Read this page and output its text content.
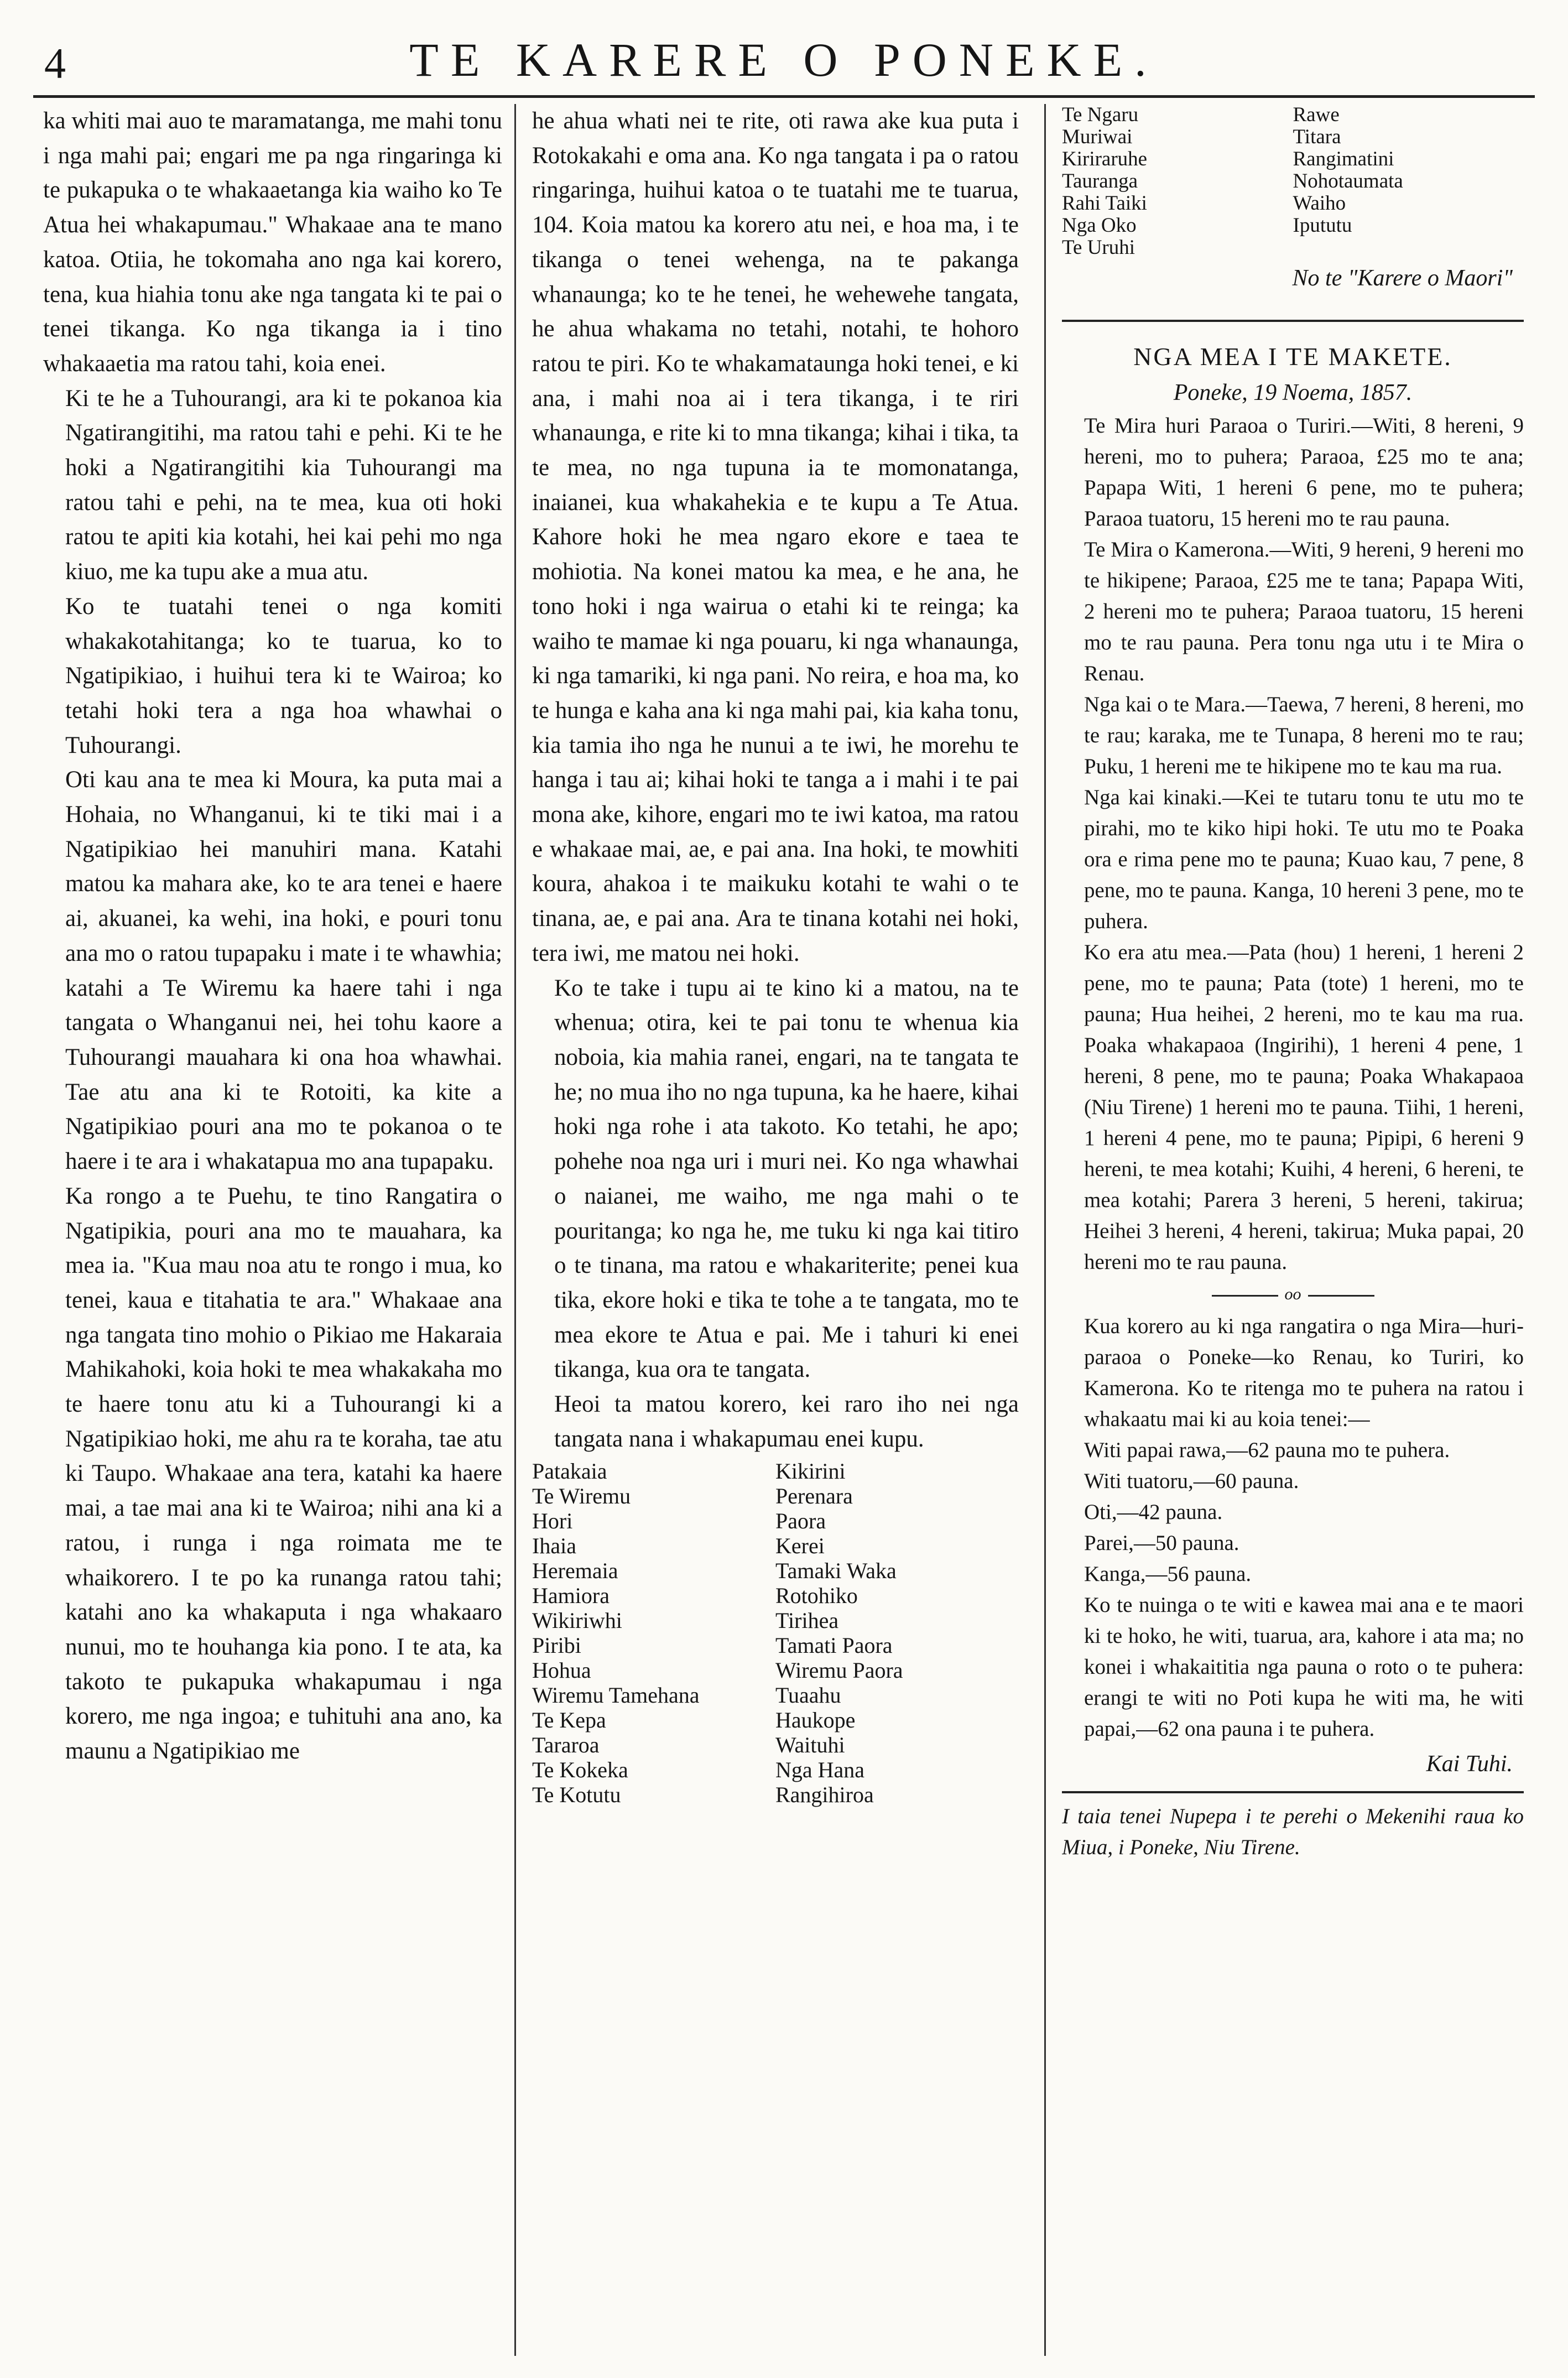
4	TE KARERE O PONEKE.

ka whiti mai auo te maramatanga, me mahi tonu i nga mahi pai; engari me pa nga ringaringa ki te pukapuka o te whakaaetanga kia waiho ko Te Atua hei whakapumau." Whakaae ana te mano katoa. Otiia, he tokomaha ano nga kai korero, tena, kua hiahia tonu ake nga tangata ki te pai o tenei tikanga. Ko nga tikanga ia i tino whakaaetia ma ratou tahi, koia enei.

Ki te he a Tuhourangi, ara ki te pokanoa kia Ngatirangitihi, ma ratou tahi e pehi. Ki te he hoki a Ngatirangitihi kia Tuhourangi ma ratou tahi e pehi, na te mea, kua oti hoki ratou te apiti kia kotahi, hei kai pehi mo nga kiuo, me ka tupu ake a mua atu.

Ko te tuatahi tenei o nga komiti whakakotahitanga; ko te tuarua, ko to Ngatipikiao, i huihui tera ki te Wairoa; ko tetahi hoki tera a nga hoa whawhai o Tuhourangi.

Oti kau ana te mea ki Moura, ka puta mai a Hohaia, no Whanganui, ki te tiki mai i a Ngatipikiao hei manuhiri mana. Katahi matou ka mahara ake, ko te ara tenei e haere ai, akuanei, ka wehi, ina hoki, e pouri tonu ana mo o ratou tupapaku i mate i te whawhia; katahi a Te Wiremu ka haere tahi i nga tangata o Whanganui nei, hei tohu kaore a Tuhourangi mauahara ki ona hoa whawhai. Tae atu ana ki te Rotoiti, ka kite a Ngatipikiao pouri ana mo te pokanoa o te haere i te ara i whakatapua mo ana tupapaku.

Ka rongo a te Puehu, te tino Rangatira o Ngatipikia, pouri ana mo te mauahara, ka mea ia. "Kua mau noa atu te rongo i mua, ko tenei, kaua e titahatia te ara." Whakaae ana nga tangata tino mohio o Pikiao me Hakaraia Mahikahoki, koia hoki te mea whakakaha mo te haere tonu atu ki a Tuhourangi ki a Ngatipikiao hoki, me ahu ra te koraha, tae atu ki Taupo. Whakaae ana tera, katahi ka haere mai, a tae mai ana ki te Wairoa; nihi ana ki a ratou, i runga i nga roimata me te whaikorero. I te po ka runanga ratou tahi; katahi ano ka whakaputa i nga whakaaro nunui, mo te houhanga kia pono. I te ata, ka takoto te pukapuka whakapumau i nga korero, me nga ingoa; e tuhituhi ana ano, ka maunu a Ngatipikiao me

he ahua whati nei te rite, oti rawa ake kua puta i Rotokakahi e oma ana. Ko nga tangata i pa o ratou ringaringa, huihui katoa o te tuatahi me te tuarua, 104. Koia matou ka korero atu nei, e hoa ma, i te tikanga o tenei wehenga, na te pakanga whanaunga; ko te he tenei, he wehewehe tangata, he ahua whakama no tetahi, notahi, te hohoro ratou te piri. Ko te whakamataunga hoki tenei, e ki ana, i mahi noa ai i tera tikanga, i te riri whanaunga, e rite ki to mna tikanga; kihai i tika, ta te mea, no nga tupuna ia te momonatanga, inaianei, kua whakahekia e te kupu a Te Atua. Kahore hoki he mea ngaro ekore e taea te mohiotia. Na konei matou ka mea, e he ana, he tono hoki i nga wairua o etahi ki te reinga; ka waiho te mamae ki nga pouaru, ki nga whanaunga, ki nga tamariki, ki nga pani. No reira, e hoa ma, ko te hunga e kaha ana ki nga mahi pai, kia kaha tonu, kia tamia iho nga he nunui a te iwi, he morehu te hanga i tau ai; kihai hoki te tanga a i mahi i te pai mona ake, kihore, engari mo te iwi katoa, ma ratou e whakaae mai, ae, e pai ana. Ina hoki, te mowhiti koura, ahakoa i te maikuku kotahi te wahi o te tinana, ae, e pai ana. Ara te tinana kotahi nei hoki, tera iwi, me matou nei hoki.

Ko te take i tupu ai te kino ki a matou, na te whenua; otira, kei te pai tonu te whenua kia noboia, kia mahia ranei, engari, na te tangata te he; no mua iho no nga tupuna, ka he haere, kihai hoki nga rohe i ata takoto. Ko tetahi, he apo; pohehe noa nga uri i muri nei. Ko nga whawhai o naianei, me waiho, me nga mahi o te pouritanga; ko nga he, me tuku ki nga kai titiro o te tinana, ma ratou e whakariterite; penei kua tika, ekore hoki e tika te tohe a te tangata, mo te mea ekore te Atua e pai. Me i tahuri ki enei tikanga, kua ora te tangata.

Heoi ta matou korero, kei raro iho nei nga tangata nana i whakapumau enei kupu.

Patakaia
Te Wiremu
Hori
Ihaia
Heremaia
Hamiora
Wikiriwhi
Piribi
Hohua
Wiremu Tamehana
Te Kepa
Tararoa
Te Kokeka
Te Kotutu
Kikirini
Perenara
Paora
Kerei
Tamaki Waka
Rotohiko
Tirihea
Tamati Paora
Wiremu Paora
Tuaahu
Haukope
Waituhi
Nga Hana
Rangihiroa
Te Ngaru
Muriwai
Kiriraruhe
Tauranga
Rahi Taiki
Nga Oko
Te Uruhi
Rawe
Titara
Rangimatini
Nohotaumata
Waiho
Ipututu
No te "Karere o Maori"
NGA MEA I TE MAKETE.
Poneke, 19 Noema, 1857.

Te Mira huri Paraoa o Turiri.—Witi, 8 hereni, 9 hereni, mo to puhera; Paraoa, £25 mo te ana; Papapa Witi, 1 hereni 6 pene, mo te puhera; Paraoa tuatoru, 15 hereni mo te rau pauna.

Te Mira o Kamerona.—Witi, 9 hereni, 9 hereni mo te hikipene; Paraoa, £25 me te tana; Papapa Witi, 2 hereni mo te puhera; Paraoa tuatoru, 15 hereni mo te rau pauna. Pera tonu nga utu i te Mira o Renau.

Nga kai o te Mara.—Taewa, 7 hereni, 8 hereni, mo te rau; karaka, me te Tunapa, 8 hereni mo te rau; Puku, 1 hereni me te hikipene mo te kau ma rua.

Nga kai kinaki.—Kei te tutaru tonu te utu mo te pirahi, mo te kiko hipi hoki. Te utu mo te Poaka ora e rima pene mo te pauna; Kuao kau, 7 pene, 8 pene, mo te pauna. Kanga, 10 hereni 3 pene, mo te puhera.

Ko era atu mea.—Pata (hou) 1 hereni, 1 hereni 2 pene, mo te pauna; Pata (tote) 1 hereni, mo te pauna; Hua heihei, 2 hereni, mo te kau ma rua. Poaka whakapaoa (Ingirihi), 1 hereni 4 pene, 1 hereni, 8 pene, mo te pauna; Poaka Whakapaoa (Niu Tirene) 1 hereni mo te pauna. Tiihi, 1 hereni, 1 hereni 4 pene, mo te pauna; Pipipi, 6 hereni 9 hereni, te mea kotahi; Kuihi, 4 hereni, 6 hereni, te mea kotahi; Parera 3 hereni, 5 hereni, takirua; Heihei 3 hereni, 4 hereni, takirua; Muka papai, 20 hereni mo te rau pauna.

oo

Kua korero au ki nga rangatira o nga Mira—huri-paraoa o Poneke—ko Renau, ko Turiri, ko Kamerona. Ko te ritenga mo te puhera na ratou i whakaatu mai ki au koia tenei:—

Witi papai rawa,—62 pauna mo te puhera.
Witi tuatoru,—60 pauna.
Oti,—42 pauna.
Parei,—50 pauna.
Kanga,—56 pauna.

Ko te nuinga o te witi e kawea mai ana e te maori ki te hoko, he witi, tuarua, ara, kahore i ata ma; no konei i whakaititia nga pauna o roto o te puhera: erangi te witi no Poti kupa he witi ma, he witi papai,—62 ona pauna i te puhera.

Kai Tuhi.

I taia tenei Nupepa i te perehi o Mekenihi raua ko Miua, i Poneke, Niu Tirene.
